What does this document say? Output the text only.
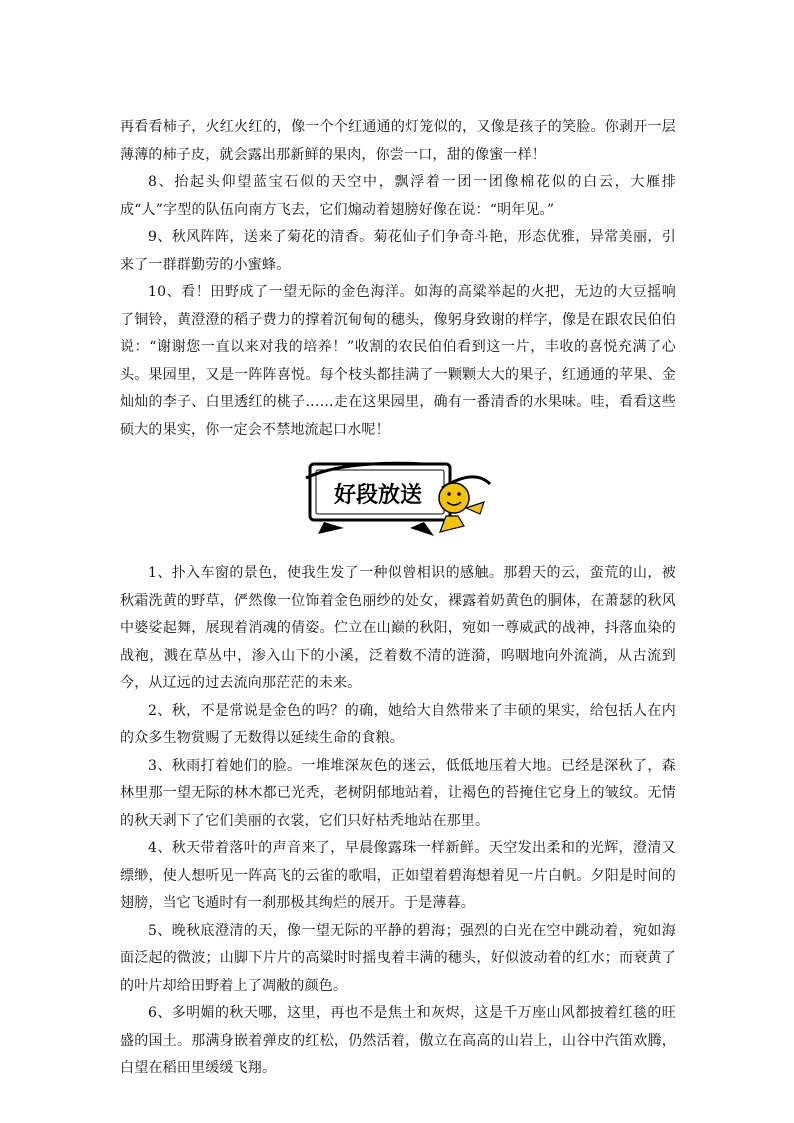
再看看柿子，火红火红的，像一个个红通通的灯笼似的，又像是孩子的笑脸。你剥开一层薄薄的柿子皮，就会露出那新鲜的果肉，你尝一口，甜的像蜜一样！

8、抬起头仰望蓝宝石似的天空中，飘浮着一团一团像棉花似的白云，大雁排成“人”字型的队伍向南方飞去，它们煽动着翅膀好像在说：“明年见。”

9、秋风阵阵，送来了菊花的清香。菊花仙子们争奇斗艳，形态优雅，异常美丽，引来了一群群勤劳的小蜜蜂。

10、看！田野成了一望无际的金色海洋。如海的高粱举起的火把，无边的大豆摇响了铜铃，黄澄澄的稻子费力的撑着沉甸甸的穗头，像躬身致谢的样字，像是在跟农民伯伯说：“谢谢您一直以来对我的培养！”收割的农民伯伯看到这一片，丰收的喜悦充满了心头。果园里，又是一阵阵喜悦。每个枝头都挂满了一颗颗大大的果子，红通通的苹果、金灿灿的李子、白里透红的桃子……走在这果园里，确有一番清香的水果味。哇，看看这些硕大的果实，你一定会不禁地流起口水呢！

好段放送

1、扑入车窗的景色，使我生发了一种似曾相识的感触。那碧天的云，蛮荒的山，被秋霜洗黄的野草，俨然像一位饰着金色丽纱的处女，裸露着奶黄色的胴体，在萧瑟的秋风中婆娑起舞，展现着消魂的倩姿。伫立在山巅的秋阳，宛如一尊威武的战神，抖落血染的战袍，溅在草丛中，渗入山下的小溪，泛着数不清的涟漪，呜咽地向外流淌，从古流到今，从辽远的过去流向那茫茫的未来。

2、秋，不是常说是金色的吗？的确，她给大自然带来了丰硕的果实，给包括人在内的众多生物赏赐了无数得以延续生命的食粮。

3、秋雨打着她们的脸。一堆堆深灰色的迷云，低低地压着大地。已经是深秋了，森林里那一望无际的林木都已光秃，老树阴郁地站着，让褐色的苔掩住它身上的皱纹。无情的秋天剥下了它们美丽的衣裳，它们只好枯秃地站在那里。

4、秋天带着落叶的声音来了，早晨像露珠一样新鲜。天空发出柔和的光辉，澄清又缥缈，使人想听见一阵高飞的云雀的歌唱，正如望着碧海想着见一片白帆。夕阳是时间的翅膀，当它飞遁时有一刹那极其绚烂的展开。于是薄暮。

5、晚秋底澄清的天，像一望无际的平静的碧海；强烈的白光在空中跳动着，宛如海面泛起的微波；山脚下片片的高粱时时摇曳着丰满的穗头，好似波动着的红水；而衰黄了的叶片却给田野着上了凋敝的颜色。

6、多明媚的秋天哪，这里，再也不是焦土和灰烬，这是千万座山风都披着红毯的旺盛的国土。那满身嵌着弹皮的红松，仍然活着，傲立在高高的山岩上，山谷中汽笛欢腾，白望在稻田里缓缓飞翔。
